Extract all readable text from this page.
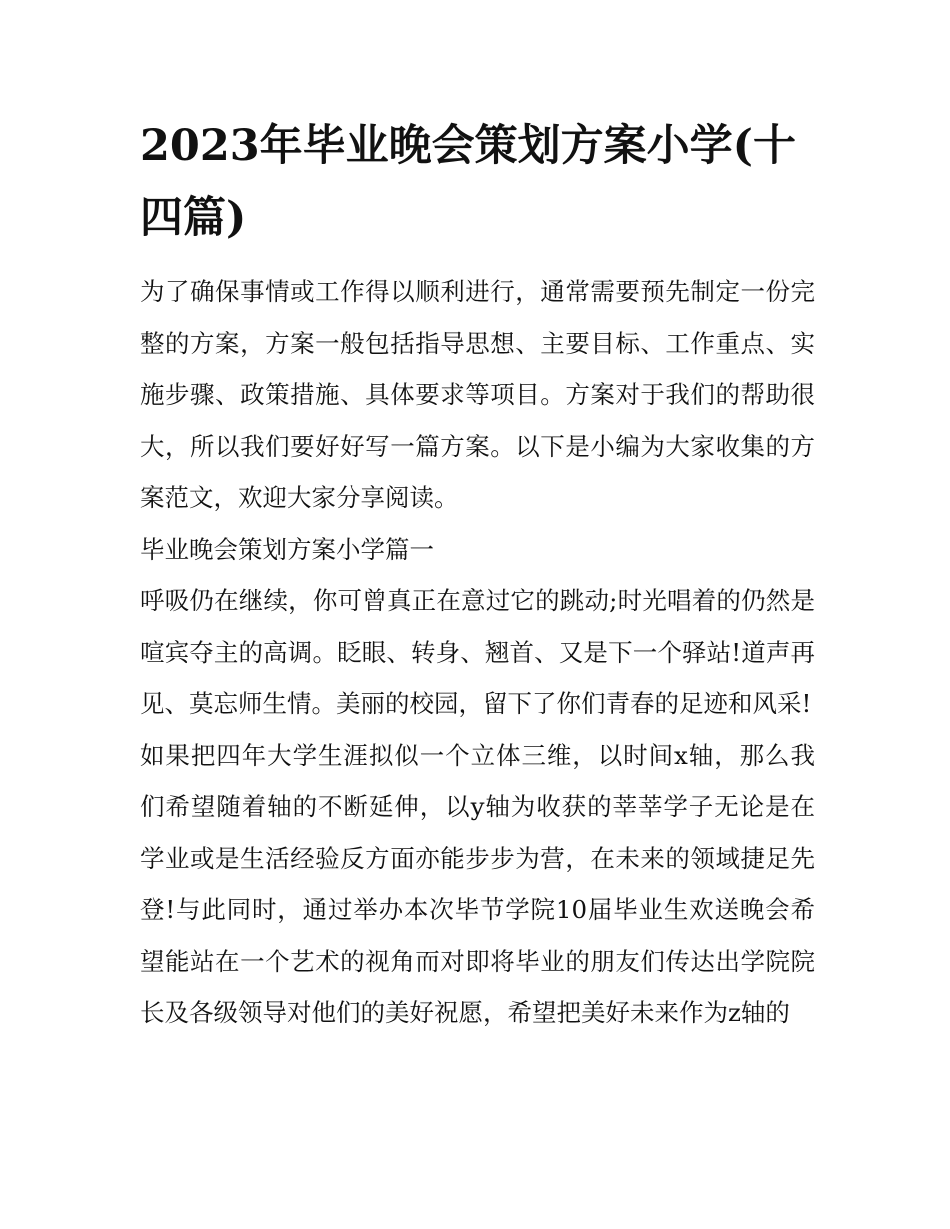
2023年毕业晚会策划方案小学(十四篇)

为了确保事情或工作得以顺利进行，通常需要预先制定一份完整的方案，方案一般包括指导思想、主要目标、工作重点、实施步骤、政策措施、具体要求等项目。方案对于我们的帮助很大，所以我们要好好写一篇方案。以下是小编为大家收集的方案范文，欢迎大家分享阅读。

毕业晚会策划方案小学篇一

呼吸仍在继续，你可曾真正在意过它的跳动;时光唱着的仍然是喧宾夺主的高调。眨眼、转身、翘首、又是下一个驿站!道声再见、莫忘师生情。美丽的校园，留下了你们青春的足迹和风采!

如果把四年大学生涯拟似一个立体三维，以时间x轴，那么我们希望随着轴的不断延伸，以y轴为收获的莘莘学子无论是在学业或是生活经验反方面亦能步步为营，在未来的领域捷足先登!与此同时，通过举办本次毕节学院10届毕业生欢送晚会希望能站在一个艺术的视角而对即将毕业的朋友们传达出学院院长及各级领导对他们的美好祝愿，希望把美好未来作为z轴的
